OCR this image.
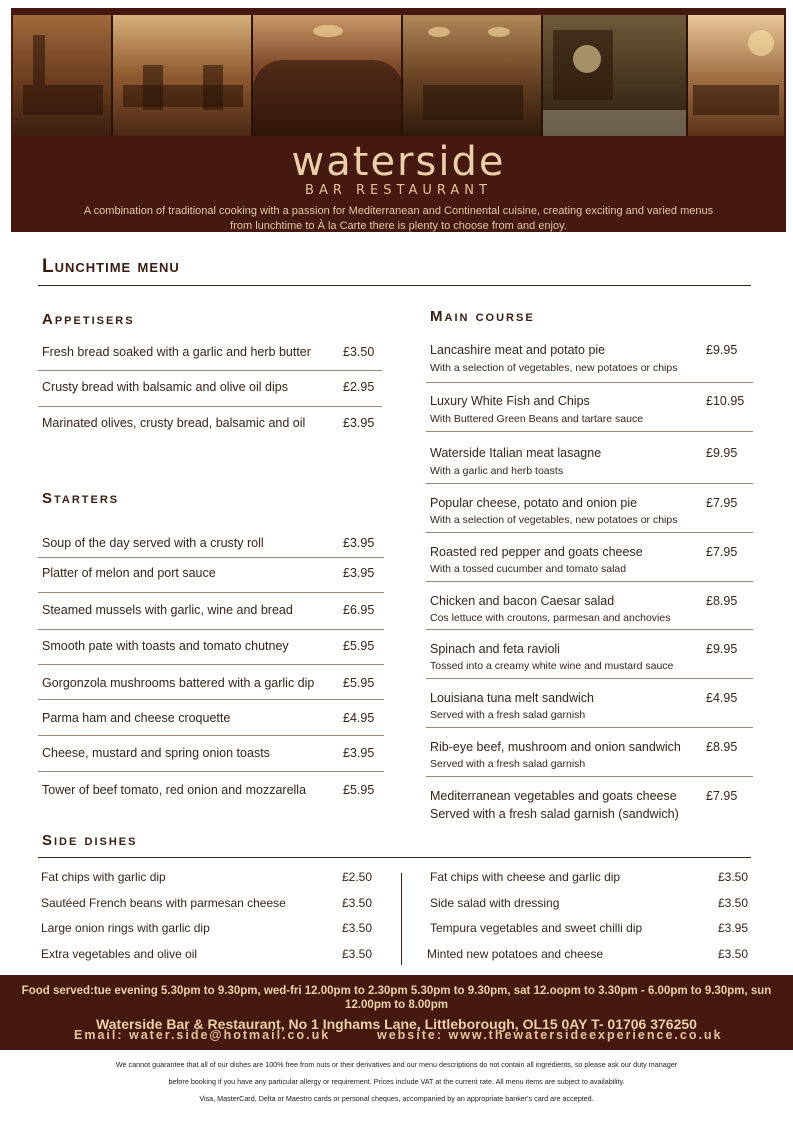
waterside
BAR RESTAURANT
A combination of traditional cooking with a passion for Mediterranean and Continental cuisine, creating exciting and varied menus
from lunchtime to À la Carte there is plenty to choose from and enjoy.
Lunchtime menu
Appetisers
Fresh bread soaked with a garlic and herb butter	£3.50
Crusty bread with balsamic and olive oil dips	£2.95
Marinated olives, crusty bread, balsamic and oil	£3.95
Starters
Soup of the day served with a crusty roll	£3.95
Platter of melon and port sauce	£3.95
Steamed mussels with garlic, wine and bread	£6.95
Smooth pate with toasts and tomato chutney	£5.95
Gorgonzola mushrooms battered with a garlic dip £5.95
Parma ham and cheese croquette	£4.95
Cheese, mustard and spring onion toasts	£3.95
Tower of beef tomato, red onion and mozzarella	£5.95
Main course
Lancashire meat and potato pie
With a selection of vegetables, new potatoes or chips
£9.95
Luxury White Fish and Chips
With Buttered Green Beans and tartare sauce
£10.95
Waterside Italian meat lasagne
With a garlic and herb toasts
£9.95
Popular cheese, potato and onion pie
With a selection of vegetables, new potatoes or chips
£7.95
Roasted red pepper and goats cheese
With a tossed cucumber and tomato salad
£7.95
Chicken and bacon Caesar salad
Cos lettuce with croutons, parmesan and anchovies
£8.95
Spinach and feta ravioli
Tossed into a creamy white wine and mustard sauce
£9.95
Louisiana tuna melt sandwich
Served with a fresh salad garnish
£4.95
Rib-eye beef, mushroom and onion sandwich
Served with a fresh salad garnish
£8.95
Mediterranean vegetables and goats cheese
Served with a fresh salad garnish (sandwich)
£7.95
Side dishes
Fat chips with garlic dip	£2.50
Sautéed French beans with parmesan cheese	£3.50
Large onion rings with garlic dip	£3.50
Extra vegetables and olive oil	£3.50
Fat chips with cheese and garlic dip	£3.50
Side salad with dressing	£3.50
Tempura vegetables and sweet chilli dip	£3.95
Minted new potatoes and cheese	£3.50
Food served:tue evening 5.30pm to 9.30pm, wed-fri 12.00pm to 2.30pm 5.30pm to 9.30pm, sat 12.oopm to 3.30pm - 6.00pm to 9.30pm, sun 12.00pm to 8.00pm
Waterside Bar & Restaurant, No 1 Inghams Lane, Littleborough, OL15 0AY T- 01706 376250
Email: water.side@hotmail.co.uk	website: www.thewatersideexperience.co.uk
We cannot guarantee that all of our dishes are 100% free from nuts or their derivatives and our menu descriptions do not contain all ingredients, so please ask our duty manager
before booking if you have any particular allergy or requirement. Prices include VAT at the current rate. All menu items are subject to availability.
Visa, MasterCard, Delta or Maestro cards or personal cheques, accompanied by an appropriate banker's card are accepted.
